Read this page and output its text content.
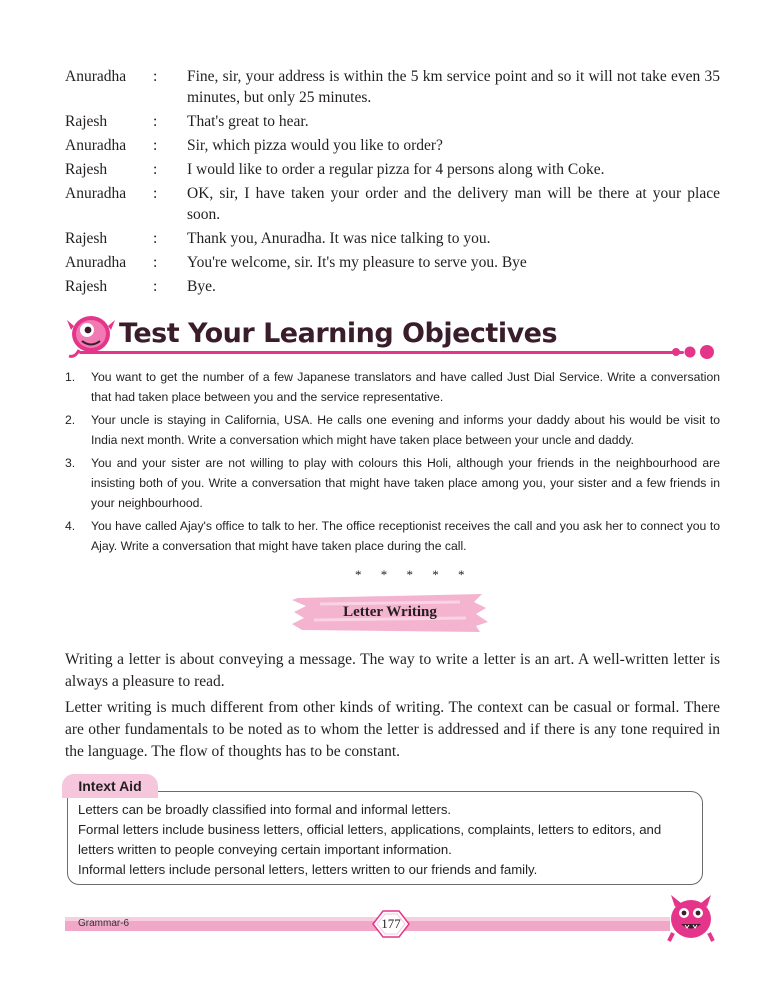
Anuradha	:	Fine, sir, your address is within the 5 km service point and so it will not take even 35 minutes, but only 25 minutes.
Rajesh	:	That's great to hear.
Anuradha	:	Sir, which pizza would you like to order?
Rajesh	:	I would like to order a regular pizza for 4 persons along with Coke.
Anuradha	:	OK, sir, I have taken your order and the delivery man will be there at your place soon.
Rajesh	:	Thank you, Anuradha. It was nice talking to you.
Anuradha	:	You're welcome, sir. It's my pleasure to serve you. Bye
Rajesh	:	Bye.
Test Your Learning Objectives
1.	You want to get the number of a few Japanese translators and have called Just Dial Service. Write a conversation that had taken place between you and the service representative.
2.	Your uncle is staying in California, USA. He calls one evening and informs your daddy about his would be visit to India next month. Write a conversation which might have taken place between your uncle and daddy.
3.	You and your sister are not willing to play with colours this Holi, although your friends in the neighbourhood are insisting both of you. Write a conversation that might have taken place among you, your sister and a few friends in your neighbourhood.
4.	You have called Ajay's office to talk to her. The office receptionist receives the call and you ask her to connect you to Ajay. Write a conversation that might have taken place during the call.
* * * * *
Letter Writing

Writing a letter is about conveying a message. The way to write a letter is an art. A well-written letter is always a pleasure to read.

Letter writing is much different from other kinds of writing. The context can be casual or formal. There are other fundamentals to be noted as to whom the letter is addressed and if there is any tone required in the language. The flow of thoughts has to be constant.

Letters can be broadly classified into formal and informal letters.
Formal letters include business letters, official letters, applications, complaints, letters to editors, and letters written to people conveying certain important information.
Informal letters include personal letters, letters written to our friends and family.
Intext Aid
Grammar-6	177
